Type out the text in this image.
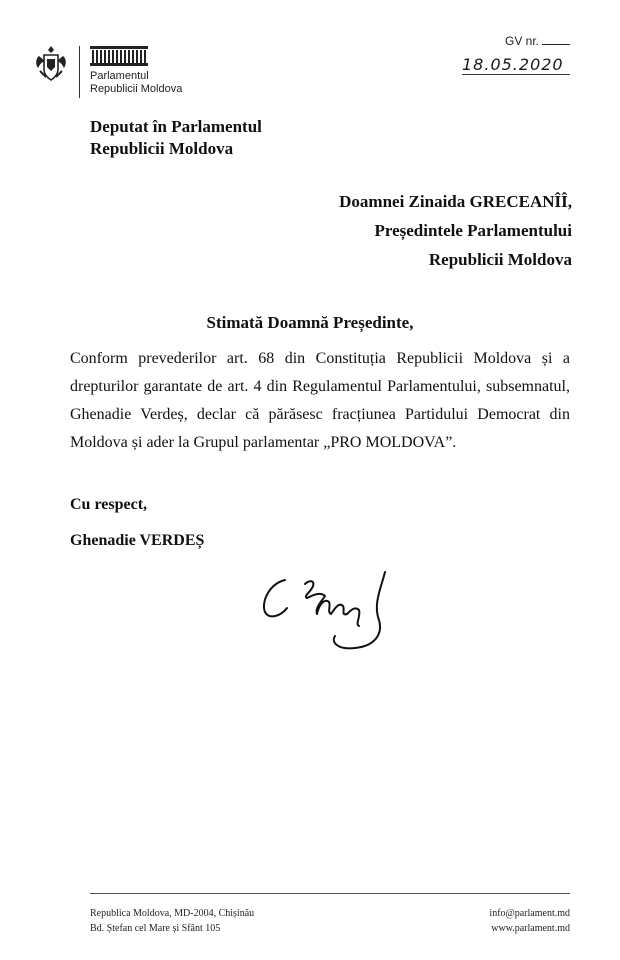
Parlamentul
Republicii Moldova
GV nr.
18.05.2020
Deputat în Parlamentul
Republicii Moldova
Doamnei Zinaida GRECEANÎÎ,
Președintele Parlamentului
Republicii Moldova
Stimată Doamnă Președinte,
Conform prevederilor art. 68 din Constituția Republicii Moldova și a drepturilor garantate de art. 4 din Regulamentul Parlamentului, subsemnatul, Ghenadie Verdeș, declar că părăsesc fracțiunea Partidului Democrat din Moldova și ader la Grupul parlamentar „PRO MOLDOVA”.
Cu respect,
Ghenadie VERDEȘ
Republica Moldova, MD-2004, Chișinău
Bd. Ștefan cel Mare și Sfânt 105
info@parlament.md
www.parlament.md
